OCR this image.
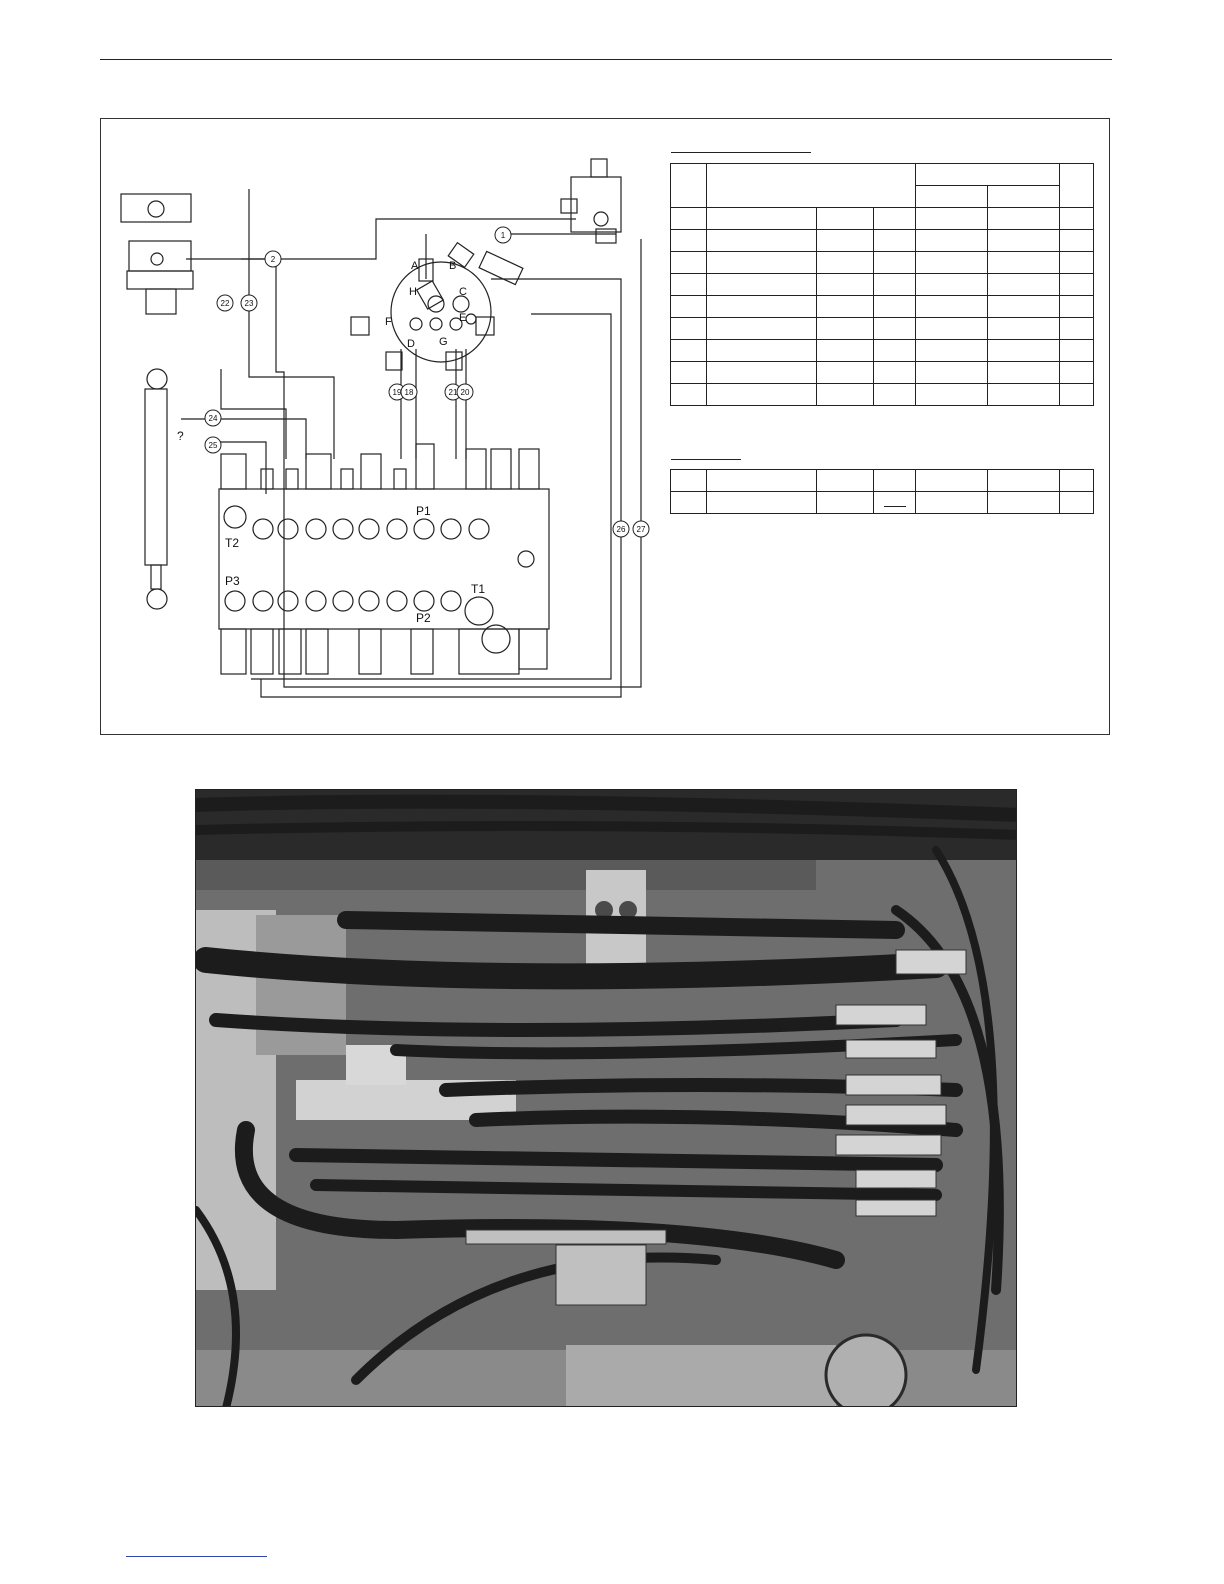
1
2
22 23
24
25
19 18	21 20
26 27
A	B
C
D
E
F
G
H
T2
P3
P1
P2
T1
?
